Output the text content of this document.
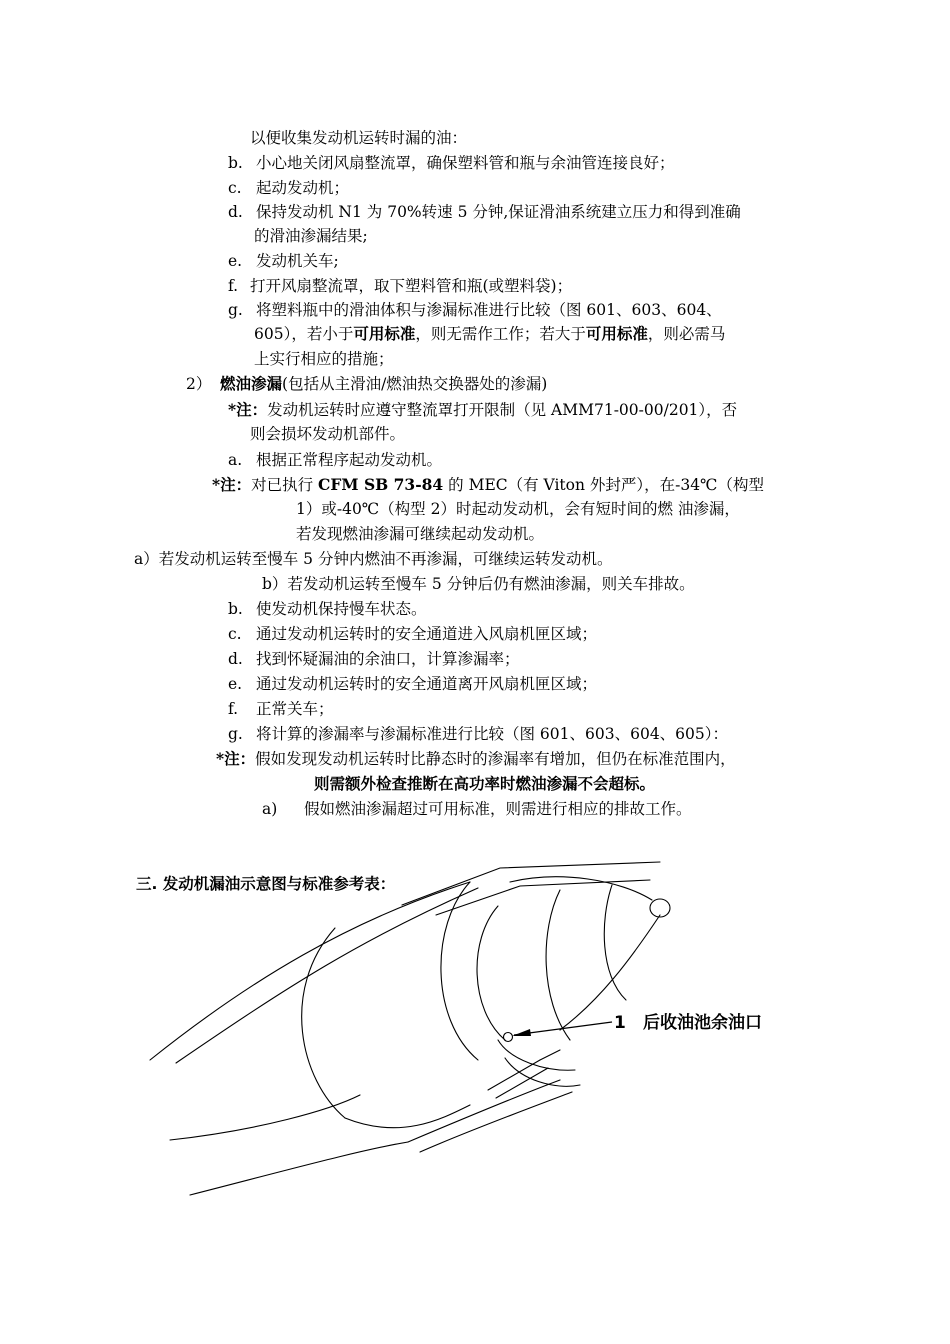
以便收集发动机运转时漏的油：
b. 小心地关闭风扇整流罩，确保塑料管和瓶与余油管连接良好；
c. 起动发动机；
d. 保持发动机 N1 为 70%转速 5 分钟,保证滑油系统建立压力和得到准确
的滑油渗漏结果;
e. 发动机关车;
f. 打开风扇整流罩，取下塑料管和瓶(或塑料袋)；
g. 将塑料瓶中的滑油体积与渗漏标准进行比较（图 601、603、604、
605），若小于可用标准，则无需作工作；若大于可用标准，则必需马
上实行相应的措施；
2） 燃油渗漏(包括从主滑油/燃油热交换器处的渗漏)
*注：发动机运转时应遵守整流罩打开限制（见 AMM71-00-00/201），否
则会损坏发动机部件。
a. 根据正常程序起动发动机。
*注：对已执行 CFM SB 73-84 的 MEC（有 Viton 外封严），在-34℃（构型
1）或-40℃（构型 2）时起动发动机，会有短时间的燃 油渗漏，
若发现燃油渗漏可继续起动发动机。
a）若发动机运转至慢车 5 分钟内燃油不再渗漏，可继续运转发动机。
b）若发动机运转至慢车 5 分钟后仍有燃油渗漏，则关车排故。
b. 使发动机保持慢车状态。
c. 通过发动机运转时的安全通道进入风扇机匣区域；
d. 找到怀疑漏油的余油口，计算渗漏率；
e. 通过发动机运转时的安全通道离开风扇机匣区域；
f. 正常关车；
g. 将计算的渗漏率与渗漏标准进行比较（图 601、603、604、605）：
*注：假如发现发动机运转时比静态时的渗漏率有增加，但仍在标准范围内，
则需额外检查推断在高功率时燃油渗漏不会超标。
a) 假如燃油渗漏超过可用标准，则需进行相应的排故工作。
三. 发动机漏油示意图与标准参考表：
1 后收油池余油口
